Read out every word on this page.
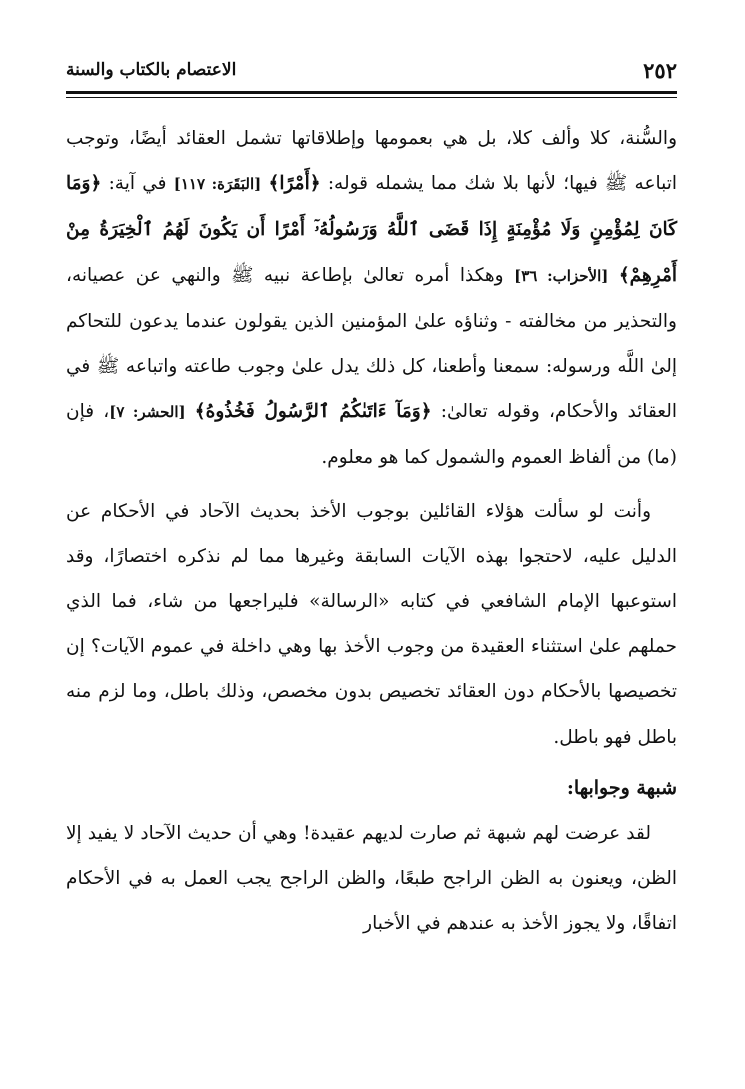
٢٥٢
الاعتصام بالكتاب والسنة

والسُّنة، كلا وألف كلا، بل هي بعمومها وإطلاقاتها تشمل العقائد أيضًا، وتوجب اتباعه ﷺ فيها؛ لأنها بلا شك مما يشمله قوله: ﴿أَمْرًا﴾ [البَقَرَة: ١١٧] في آية: ﴿وَمَا كَانَ لِمُؤْمِنٍ وَلَا مُؤْمِنَةٍ إِذَا قَضَى ٱللَّهُ وَرَسُولُهُۥٓ أَمْرًا أَن يَكُونَ لَهُمُ ٱلْخِيَرَةُ مِنْ أَمْرِهِمْ﴾ [الأحزاب: ٣٦] وهكذا أمره تعالىٰ بإطاعة نبيه ﷺ والنهي عن عصيانه، والتحذير من مخالفته - وثناؤه علىٰ المؤمنين الذين يقولون عندما يدعون للتحاكم إلىٰ اللَّه ورسوله: سمعنا وأطعنا، كل ذلك يدل علىٰ وجوب طاعته واتباعه ﷺ في العقائد والأحكام، وقوله تعالىٰ: ﴿وَمَآ ءَاتَىٰكُمُ ٱلرَّسُولُ فَخُذُوهُ﴾ [الحشر: ٧]، فإن (ما) من ألفاظ العموم والشمول كما هو معلوم.

وأنت لو سألت هؤلاء القائلين بوجوب الأخذ بحديث الآحاد في الأحكام عن الدليل عليه، لاحتجوا بهذه الآيات السابقة وغيرها مما لم نذكره اختصارًا، وقد استوعبها الإمام الشافعي في كتابه «الرسالة» فليراجعها من شاء، فما الذي حملهم علىٰ استثناء العقيدة من وجوب الأخذ بها وهي داخلة في عموم الآيات؟ إن تخصيصها بالأحكام دون العقائد تخصيص بدون مخصص، وذلك باطل، وما لزم منه باطل فهو باطل.

شبهة وجوابها:

لقد عرضت لهم شبهة ثم صارت لديهم عقيدة! وهي أن حديث الآحاد لا يفيد إلا الظن، ويعنون به الظن الراجح طبعًا، والظن الراجح يجب العمل به في الأحكام اتفاقًا، ولا يجوز الأخذ به عندهم في الأخبار
